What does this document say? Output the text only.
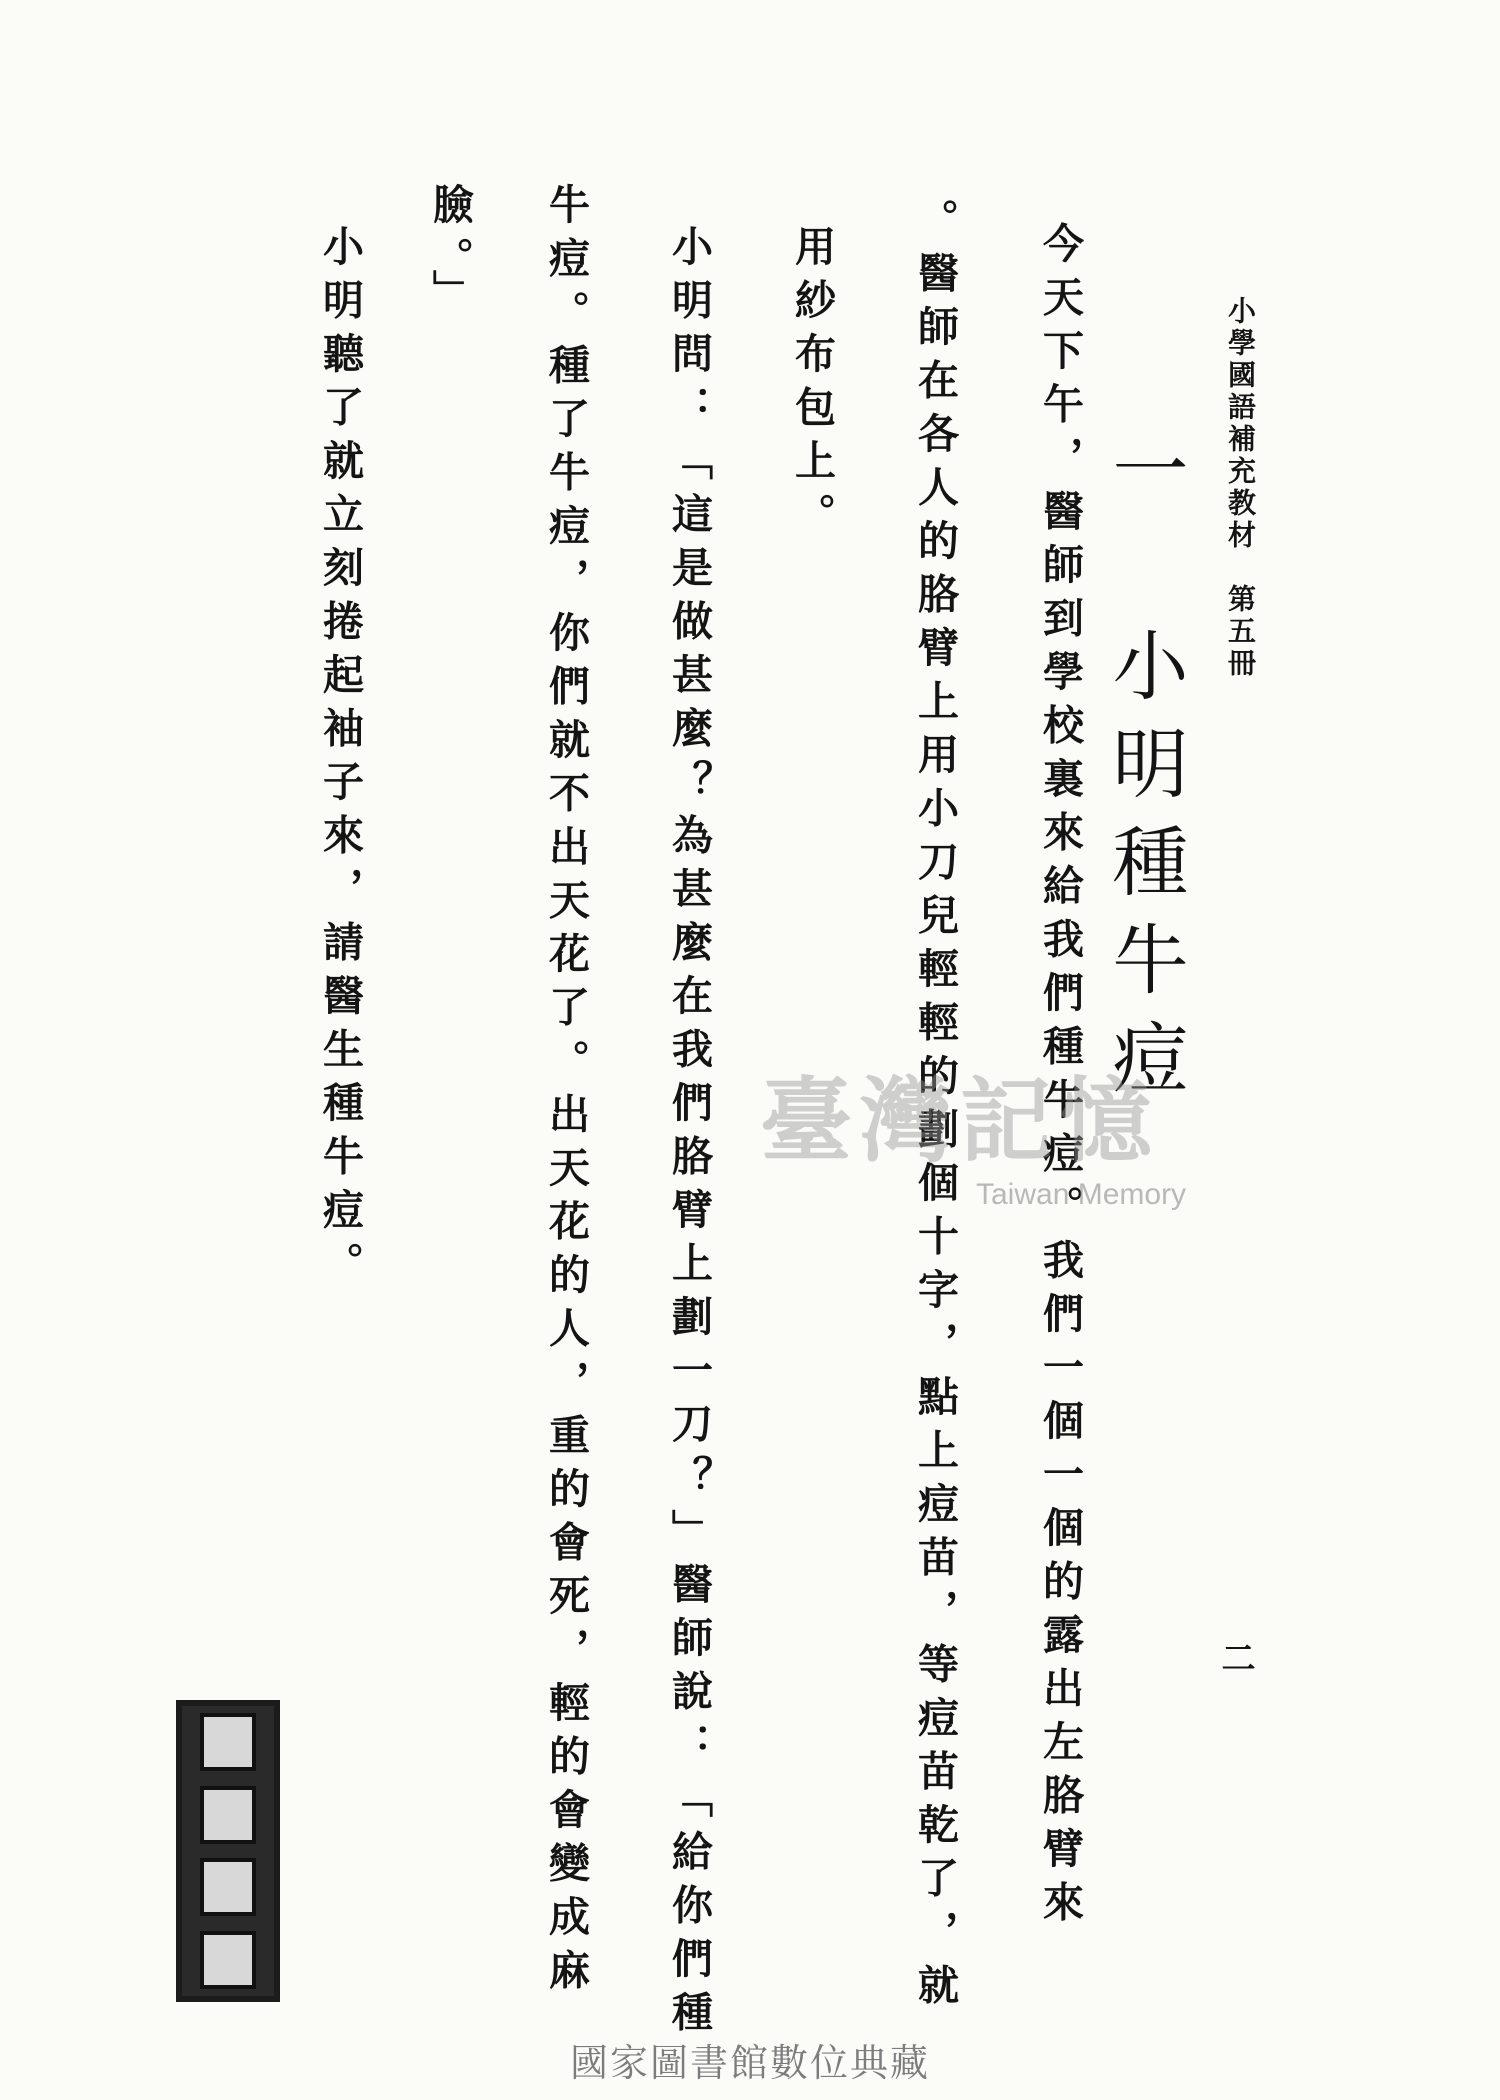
小學國語補充教材　第五冊
二
一　小明種牛痘
今天下午，醫師到學校裏來給我們種牛痘。我們一個一個的露出左胳臂來
。醫師在各人的胳臂上用小刀兒輕輕的劃個十字，點上痘苗，等痘苗乾了，就
用紗布包上。
小明問：「這是做甚麼？為甚麼在我們胳臂上劃一刀？」醫師說：「給你們種
牛痘。種了牛痘，你們就不出天花了。出天花的人，重的會死，輕的會變成麻
臉。」
小明聽了就立刻捲起袖子來，請醫生種牛痘。	臺灣記憶
Taiwan Memory
國家圖書館數位典藏
